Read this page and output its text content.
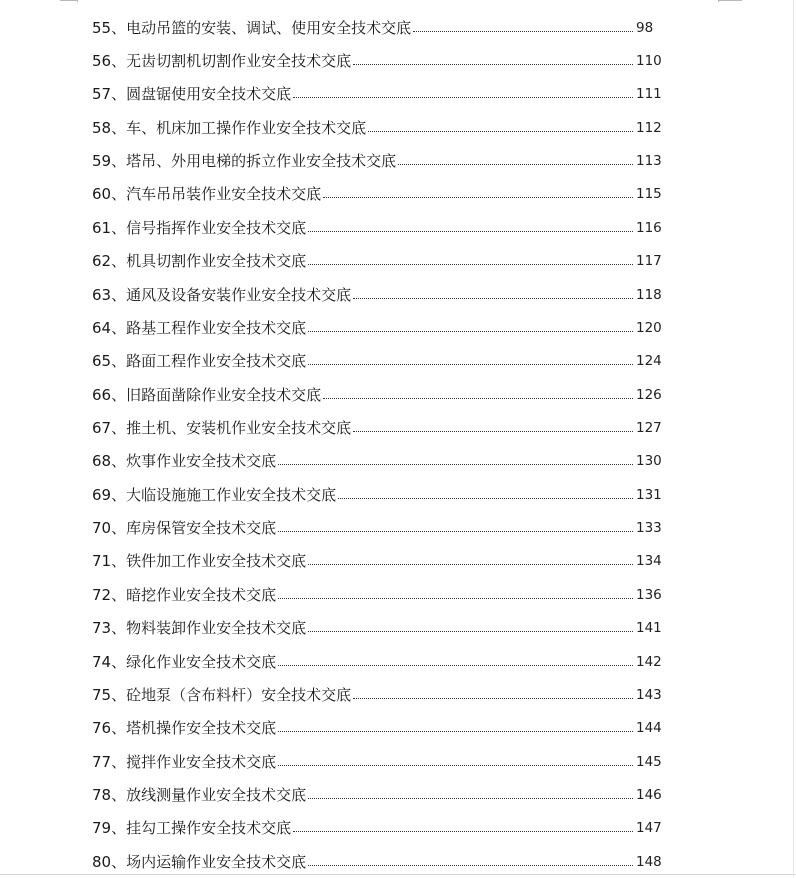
55、 电动吊篮的安装、调试、使用安全技术交底	98
56、 无齿切割机切割作业安全技术交底	110
57、 圆盘锯使用安全技术交底	111
58、 车、机床加工操作作业安全技术交底	112
59、 塔吊、外用电梯的拆立作业安全技术交底	113
60、 汽车吊吊装作业安全技术交底	115
61、 信号指挥作业安全技术交底	116
62、 机具切割作业安全技术交底	117
63、 通风及设备安装作业安全技术交底	118
64、 路基工程作业安全技术交底	120
65、 路面工程作业安全技术交底	124
66、 旧路面凿除作业安全技术交底	126
67、 推土机、安装机作业安全技术交底	127
68、 炊事作业安全技术交底	130
69、 大临设施施工作业安全技术交底	131
70、 库房保管安全技术交底	133
71、 铁件加工作业安全技术交底	134
72、 暗挖作业安全技术交底	136
73、 物料装卸作业安全技术交底	141
74、 绿化作业安全技术交底	142
75、 砼地泵（含布料杆）安全技术交底	143
76、 塔机操作安全技术交底	144
77、 搅拌作业安全技术交底	145
78、 放线测量作业安全技术交底	146
79、 挂勾工操作安全技术交底	147
80、 场内运输作业安全技术交底	148
